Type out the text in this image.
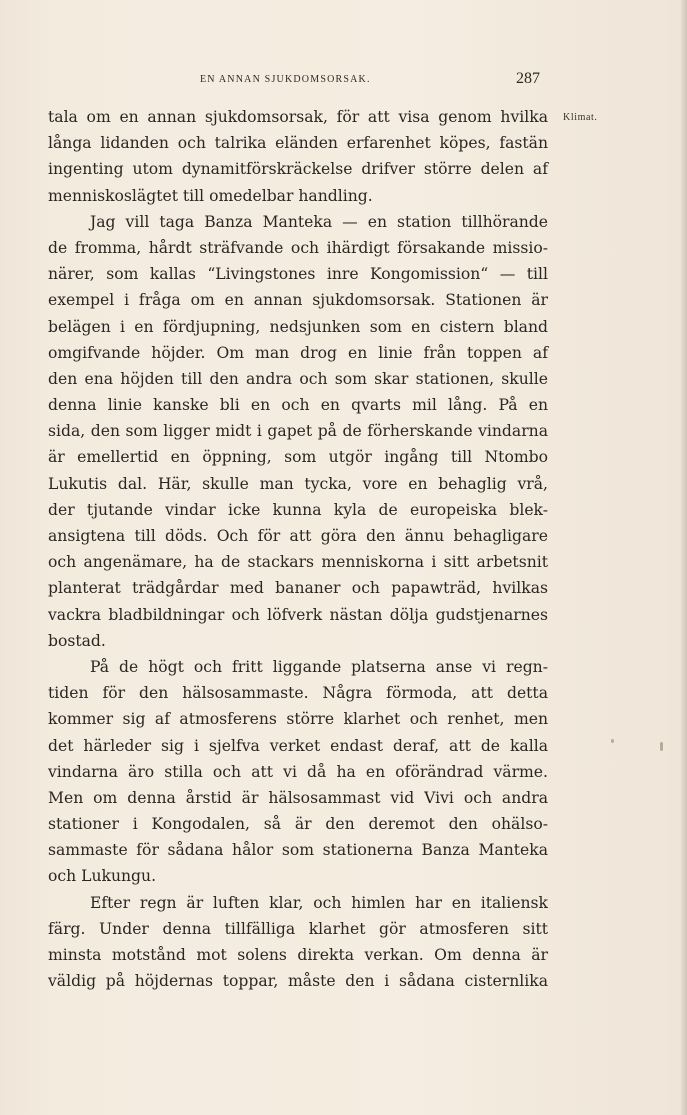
EN ANNAN SJUKDOMSORSAK.	287
Klimat.
tala om en annan sjukdomsorsak, för att visa genom hvilka
långa lidanden och talrika eländen erfarenhet köpes, fastän
ingenting utom dynamitförskräckelse drifver större delen af
menniskoslägtet till omedelbar handling.
Jag vill taga Banza Manteka — en station tillhörande
de fromma, hårdt sträfvande och ihärdigt försakande missio-
närer, som kallas “Livingstones inre Kongomission“ — till
exempel i fråga om en annan sjukdomsorsak. Stationen är
belägen i en fördjupning, nedsjunken som en cistern bland
omgifvande höjder. Om man drog en linie från toppen af
den ena höjden till den andra och som skar stationen, skulle
denna linie kanske bli en och en qvarts mil lång. På en
sida, den som ligger midt i gapet på de förherskande vindarna
är emellertid en öppning, som utgör ingång till Ntombo
Lukutis dal. Här, skulle man tycka, vore en behaglig vrå,
der tjutande vindar icke kunna kyla de europeiska blek-
ansigtena till döds. Och för att göra den ännu behagligare
och angenämare, ha de stackars menniskorna i sitt arbetsnit
planterat trädgårdar med bananer och papawträd, hvilkas
vackra bladbildningar och löfverk nästan dölja gudstjenarnes
bostad.
På de högt och fritt liggande platserna anse vi regn-
tiden för den hälsosammaste. Några förmoda, att detta
kommer sig af atmosferens större klarhet och renhet, men
det härleder sig i sjelfva verket endast deraf, att de kalla
vindarna äro stilla och att vi då ha en oförändrad värme.
Men om denna årstid är hälsosammast vid Vivi och andra
stationer i Kongodalen, så är den deremot den ohälso-
sammaste för sådana hålor som stationerna Banza Manteka
och Lukungu.
Efter regn är luften klar, och himlen har en italiensk
färg. Under denna tillfälliga klarhet gör atmosferen sitt
minsta motstånd mot solens direkta verkan. Om denna är
väldig på höjdernas toppar, måste den i sådana cisternlika
